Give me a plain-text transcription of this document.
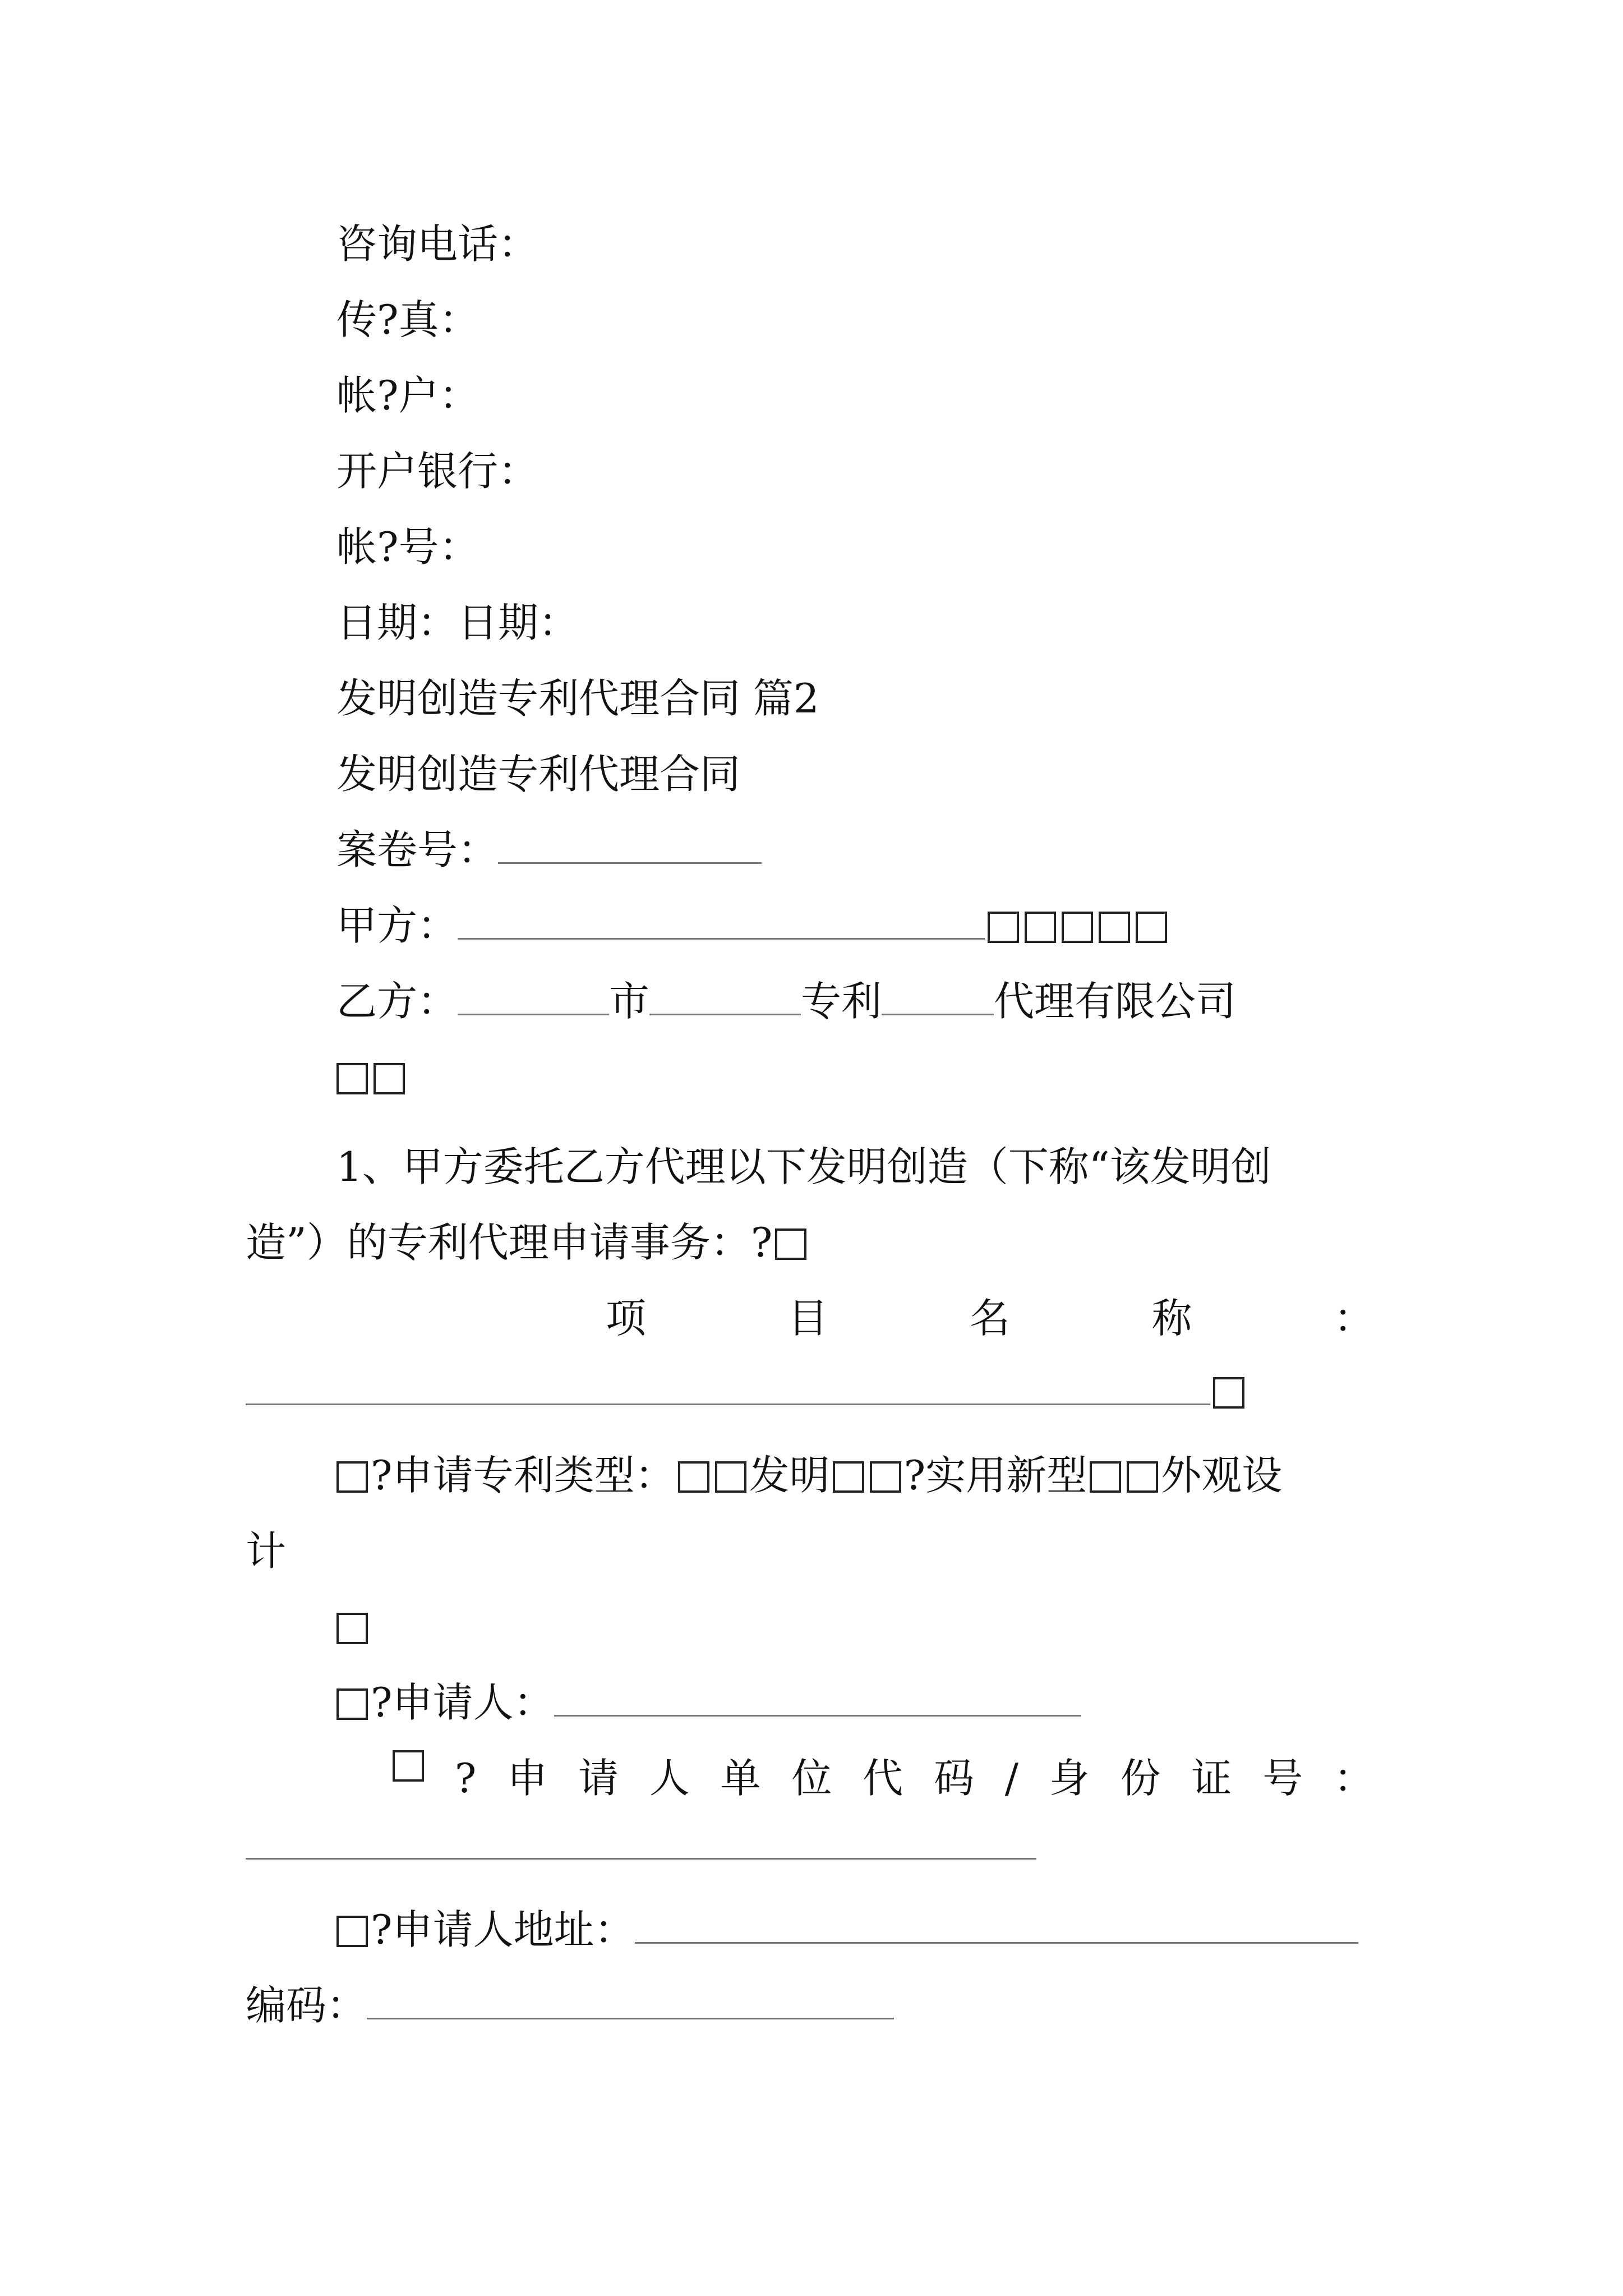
咨询电话：
传?真：
帐?户：
开户银行：
帐?号：
日期：日期：
发明创造专利代理合同 篇2
发明创造专利代理合同
案卷号：
甲方：
乙方：	市	专利	代理有限公司
1、甲方委托乙方代理以下发明创造（下称“该发明创
造”）的专利代理申请事务：?
项	目	名	称	：
?申请专利类型： 发明 ?实用新型 外观设
计
?申请人：
? 申 请 人 单 位 代 码 / 身 份 证 号 ：
?申请人地址：
编码：
